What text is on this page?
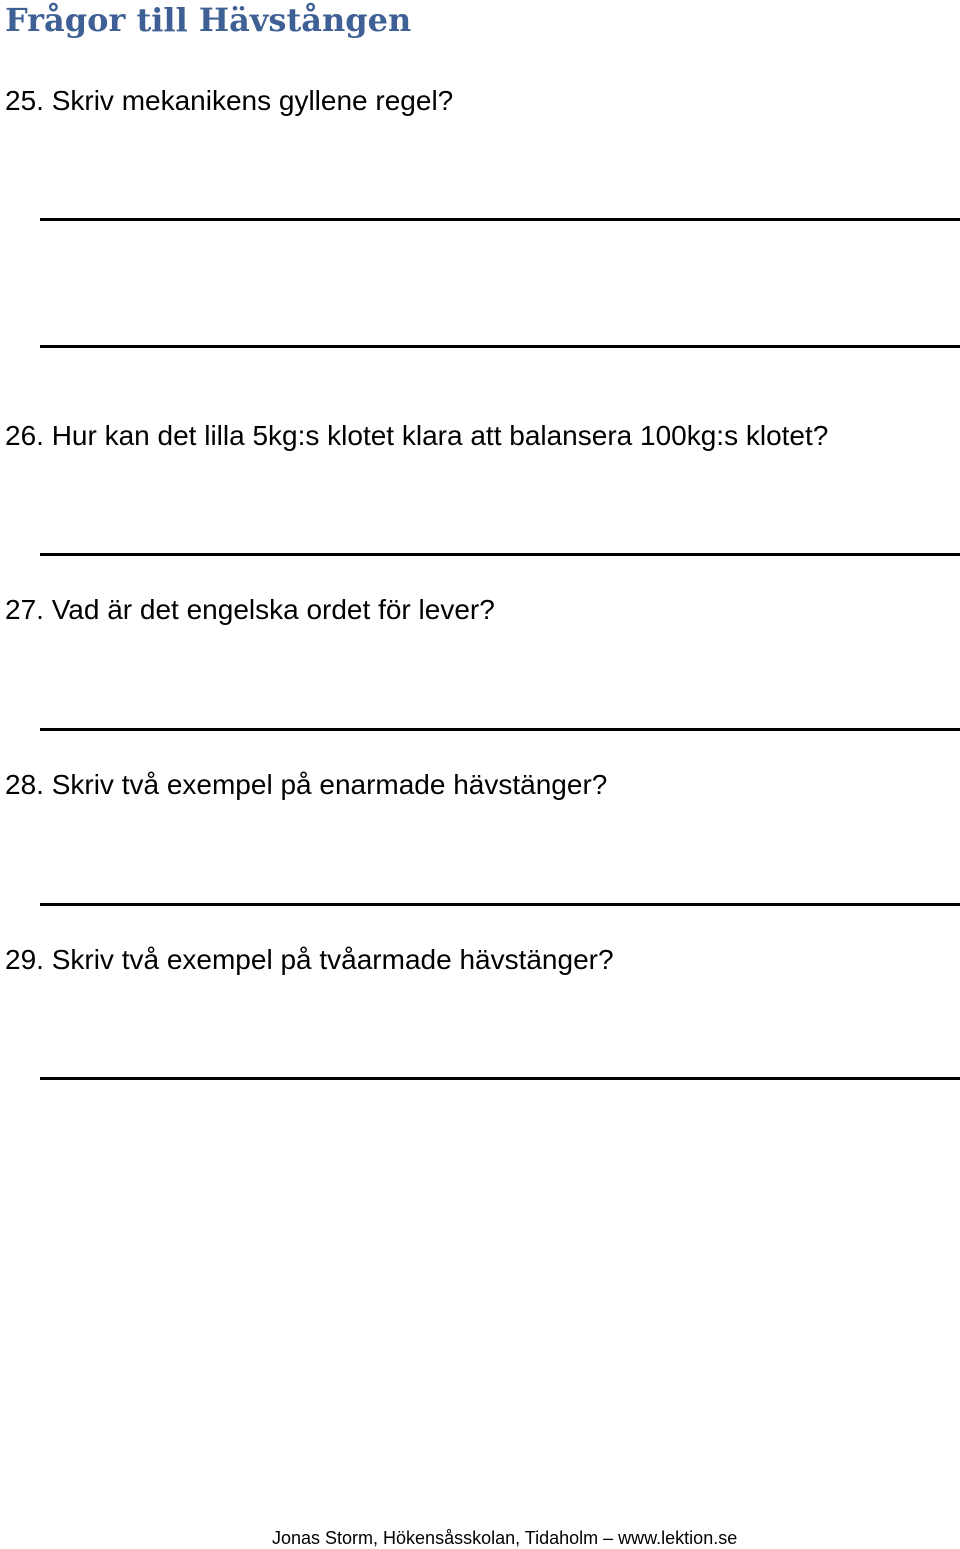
Frågor till Hävstången

25. Skriv mekanikens gyllene regel?

26. Hur kan det lilla 5kg:s klotet klara att balansera 100kg:s klotet?

27. Vad är det engelska ordet för lever?

28. Skriv två exempel på enarmade hävstänger?

29. Skriv två exempel på tvåarmade hävstänger?

Jonas Storm, Hökensåsskolan, Tidaholm – www.lektion.se
